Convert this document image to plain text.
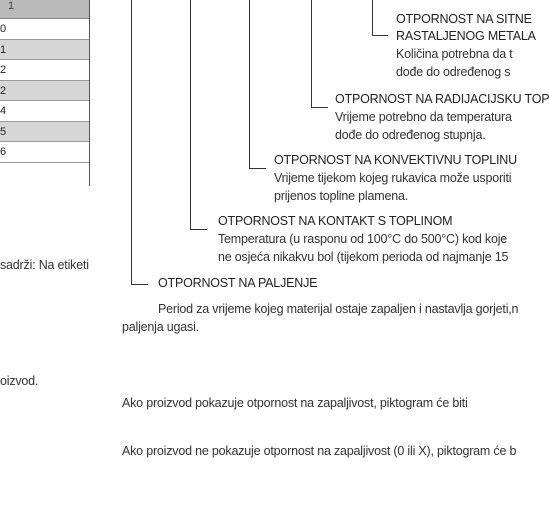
1
0
1
2
2
4
5
6
OTPORNOST NA SITNE
RASTALJENOG METALA
Količina potrebna da t
dođe do određenog s
OTPORNOST NA RADIJACIJSKU TOP
Vrijeme potrebno da temperatura
dođe do određenog stupnja.
OTPORNOST NA KONVEKTIVNU TOPLINU
Vrijeme tijekom kojeg rukavica može usporiti
prijenos topline plamena.
OTPORNOST NA KONTAKT S TOPLINOM
Temperatura (u rasponu od 100°C do 500°C) kod koje
ne osjeća nikakvu bol (tijekom perioda od najmanje 15
OTPORNOST NA PALJENJE
Period za vrijeme kojeg materijal ostaje zapaljen i nastavlja gorjeti,n
paljenja ugasi.
sadrži: Na etiketi
oizvod.
Ako proizvod pokazuje otpornost na zapaljivost, piktogram će biti
Ako proizvod ne pokazuje otpornost na zapaljivost (0 ili X), piktogram će b
